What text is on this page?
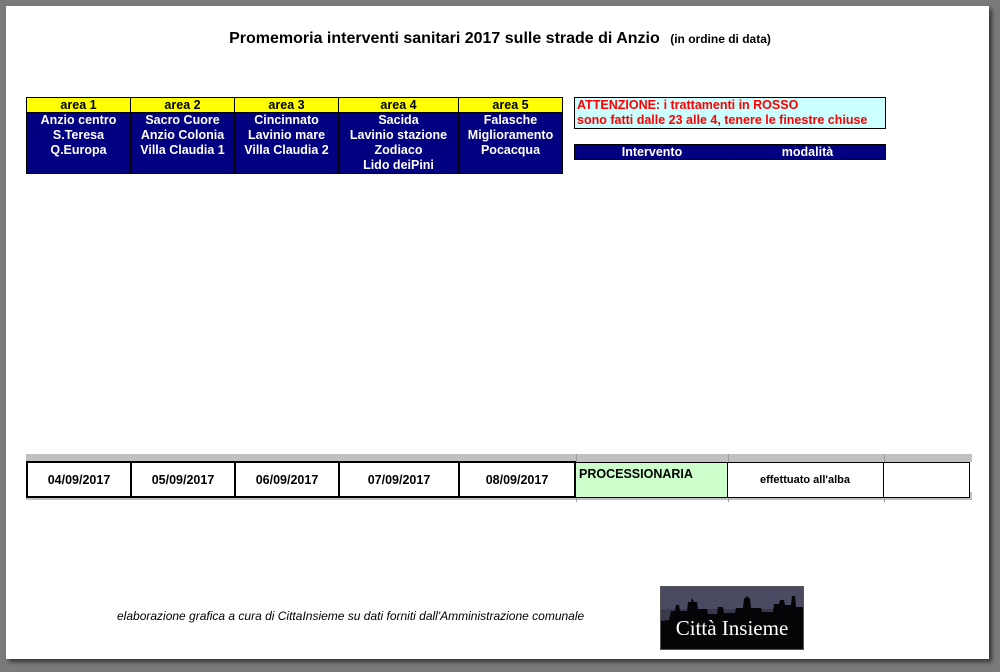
Promemoria interventi sanitari 2017 sulle strade di Anzio (in ordine di data)
area 1	area 2	area 3	area 4	area 5
Anzio centro	Sacro Cuore	Cincinnato	Sacida	Falasche
S.Teresa	Anzio Colonia	Lavinio mare	Lavinio stazione	Miglioramento
Q.Europa	Villa Claudia 1	Villa Claudia 2	Zodiaco	Pocacqua
			Lido deiPini	
ATTENZIONE: i trattamenti in ROSSO
sono fatti dalle 23 alle 4, tenere le finestre chiuse
Intervento	modalità
04/09/2017	05/09/2017	06/09/2017	07/09/2017	08/09/2017	PROCESSIONARIA	effettuato all'alba	
elaborazione grafica a cura di CittaInsieme su dati forniti dall'Amministrazione comunale	Città Insieme
